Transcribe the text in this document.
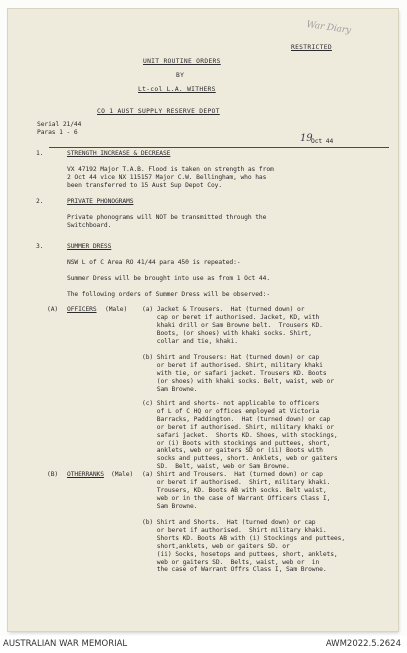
War Diary
RESTRICTED
UNIT ROUTINE ORDERS
BY
Lt-col L.A. WITHERS
CO 1 AUST SUPPLY RESERVE DEPOT
Serial 21/44
Paras 1 - 6
19
Oct 44
1.	STRENGTH INCREASE & DECREASE
VX 47192 Major T.A.B. Flood is taken on strength as from
2 Oct 44 vice NX 115157 Major C.W. Bellingham, who has
been transferred to 15 Aust Sup Depot Coy.
2.	PRIVATE PHONOGRAMS
Private phonograms will NOT be transmitted through the
Switchboard.
3.	SUMMER DRESS
NSW L of C Area RO 41/44 para 450 is repeated:-
Summer Dress will be brought into use as from 1 Oct 44.
The following orders of Summer Dress will be observed:-
(A) OFFICERS (Male) (a) Jacket & Trousers.  Hat (turned down) or
cap or beret if authorised. Jacket, KD, with
khaki drill or Sam Browne belt.  Trousers KD.
Boots, (or shoes) with khaki socks. Shirt,
collar and tie, khaki.
(b) Shirt and Trousers: Hat (turned down) or cap
or beret if authorised. Shirt, military khaki
with tie, or safari jacket. Trousers KD. Boots
(or shoes) with khaki socks. Belt, waist, web or
Sam Browne.
(c) Shirt and shorts- not applicable to officers
of L of C HQ or offices employed at Victoria
Barracks, Paddington.  Hat (turned down) or cap
or beret if authorised. Shirt, military khaki or
safari jacket.  Shorts KD. Shoes, with stockings,
or (i) Boots with stockings and puttees, short,
anklets, web or gaiters SD or (ii) Boots with
socks and puttees, short. Anklets, web or gaiters
SD.  Belt, waist, web or Sam Browne.
(B) OTHERRANKS (Male) (a) Shirt and Trousers.  Hat (turned down) or cap
or beret if authorised.  Shirt, military khaki.
Trousers, KD. Boots AB with socks. Belt waist,
web or in the case of Warrant Officers Class I,
Sam Browne.
(b) Shirt and Shorts.  Hat (turned down) or cap
or beret if authorised.  Shirt military khaki.
Shorts KD. Boots AB with (i) Stockings and puttees,
short,anklets, web or gaiters SD. or
(ii) Socks, hosetops and puttees, short, anklets,
web or gaiters SD.  Belts, waist, web or  in
the case of Warrant Offrs Class I, Sam Browne.
AUSTRALIAN WAR MEMORIAL	AWM2022.5.2624
